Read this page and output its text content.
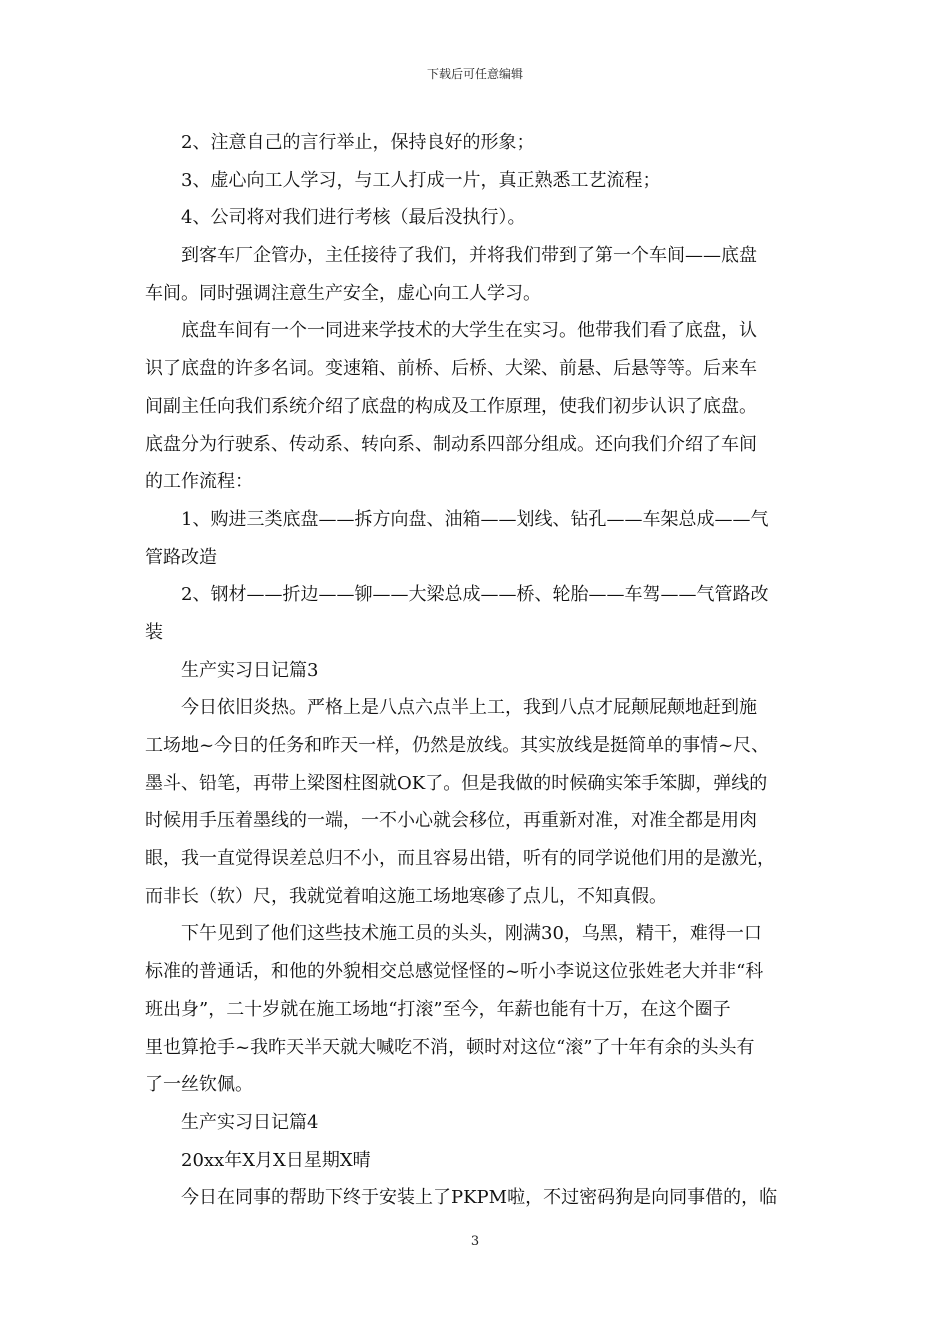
下载后可任意编辑
　　2、注意自己的言行举止，保持良好的形象；
　　3、虚心向工人学习，与工人打成一片，真正熟悉工艺流程；
　　4、公司将对我们进行考核（最后没执行）。
　　到客车厂企管办，主任接待了我们，并将我们带到了第一个车间——底盘
车间。同时强调注意生产安全，虚心向工人学习。
　　底盘车间有一个一同进来学技术的大学生在实习。他带我们看了底盘，认
识了底盘的许多名词。变速箱、前桥、后桥、大梁、前悬、后悬等等。后来车
间副主任向我们系统介绍了底盘的构成及工作原理，使我们初步认识了底盘。
底盘分为行驶系、传动系、转向系、制动系四部分组成。还向我们介绍了车间
的工作流程：
　　1、购进三类底盘——拆方向盘、油箱——划线、钻孔——车架总成——气
管路改造
　　2、钢材——折边——铆——大梁总成——桥、轮胎——车驾——气管路改
装
　　生产实习日记篇3
　　今日依旧炎热。严格上是八点六点半上工，我到八点才屁颠屁颠地赶到施
工场地~今日的任务和昨天一样，仍然是放线。其实放线是挺简单的事情~尺、
墨斗、铅笔，再带上梁图柱图就OK了。但是我做的时候确实笨手笨脚，弹线的
时候用手压着墨线的一端，一不小心就会移位，再重新对准，对准全都是用肉
眼，我一直觉得误差总归不小，而且容易出错，听有的同学说他们用的是激光，
而非长（软）尺，我就觉着咱这施工场地寒碜了点儿，不知真假。
　　下午见到了他们这些技术施工员的头头，刚满30，乌黑，精干，难得一口
标准的普通话，和他的外貌相交总感觉怪怪的~听小李说这位张姓老大并非“科
班出身”，二十岁就在施工场地“打滚”至今，年薪也能有十万，在这个圈子
里也算抢手~我昨天半天就大喊吃不消，顿时对这位“滚”了十年有余的头头有
了一丝钦佩。
　　生产实习日记篇4
　　20xx年X月X日星期X晴
　　今日在同事的帮助下终于安装上了PKPM啦，不过密码狗是向同事借的，临
3
